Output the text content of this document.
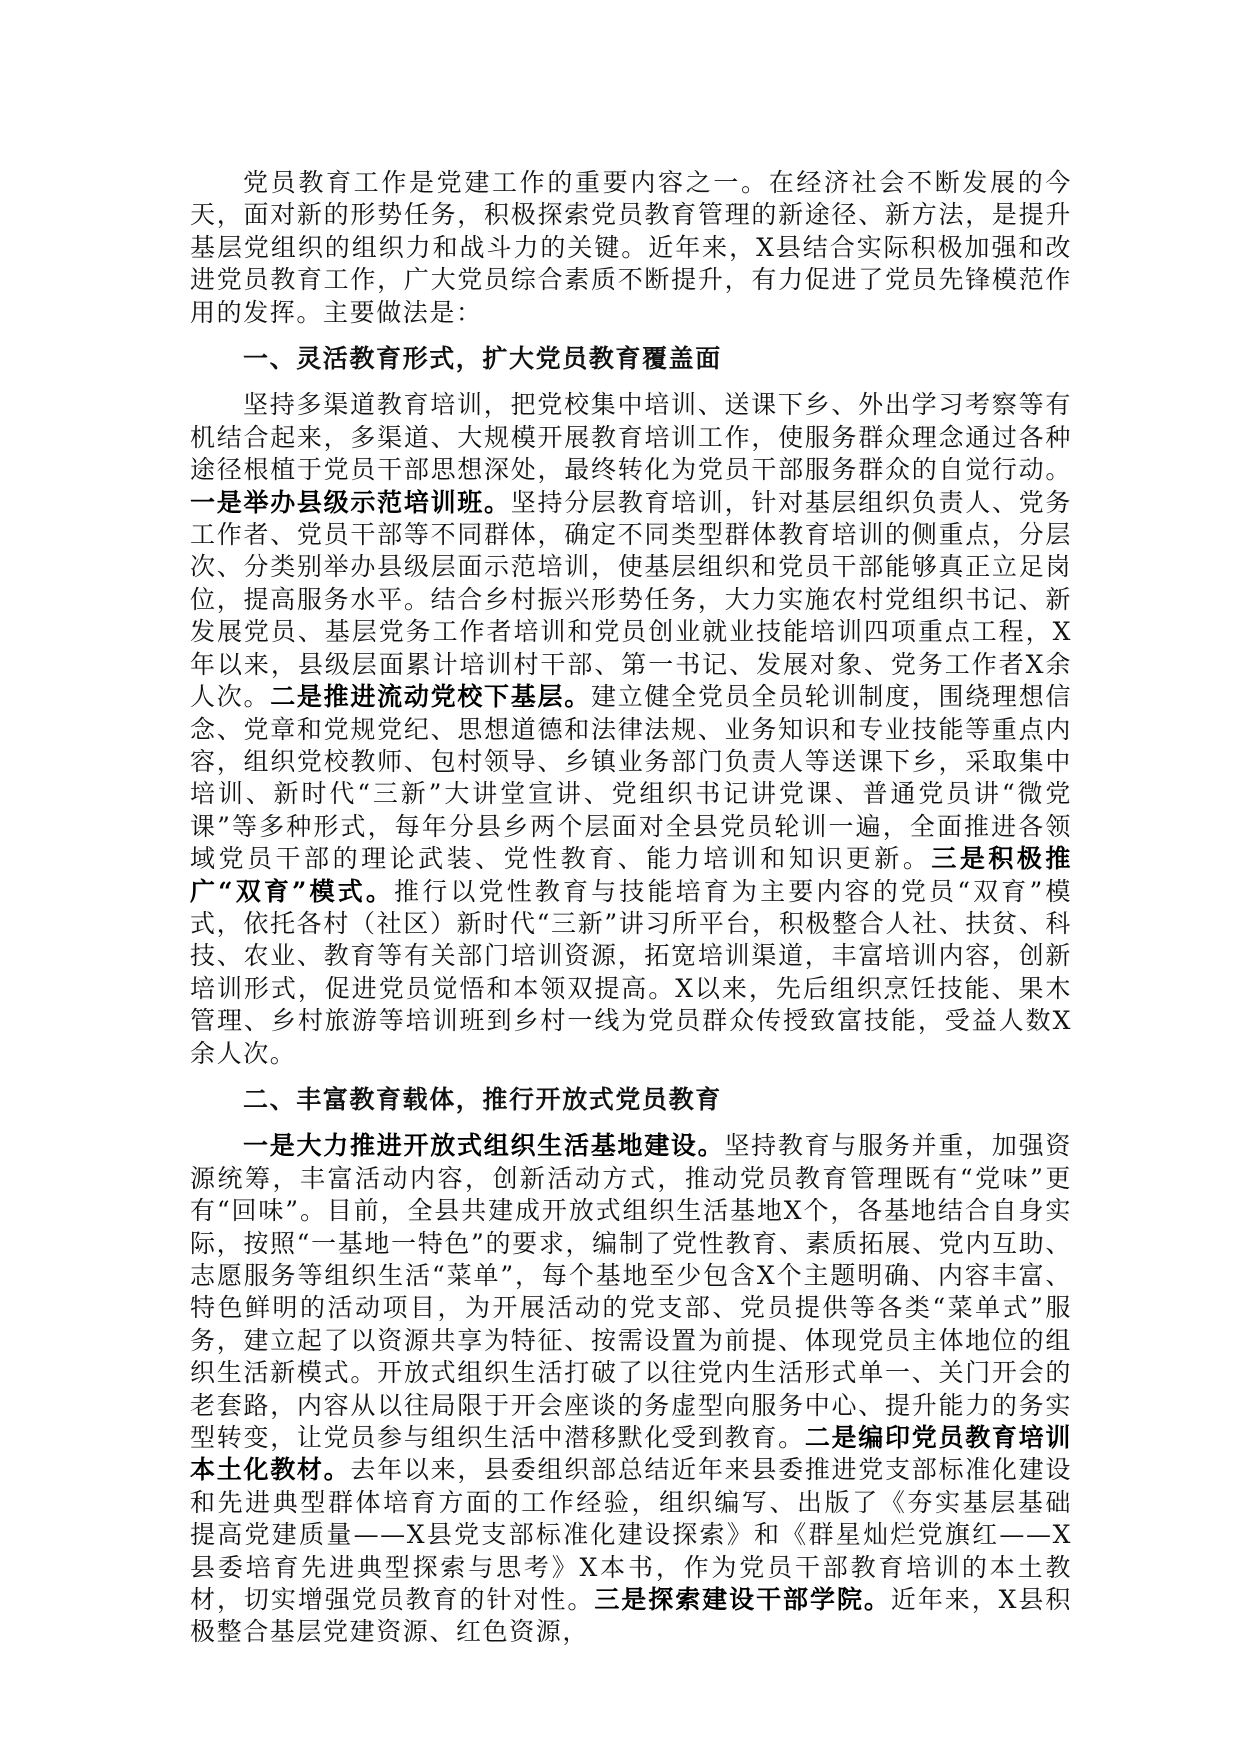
党员教育工作是党建工作的重要内容之一。在经济社会不断发展的今天，面对新的形势任务，积极探索党员教育管理的新途径、新方法，是提升基层党组织的组织力和战斗力的关键。近年来，X县结合实际积极加强和改进党员教育工作，广大党员综合素质不断提升，有力促进了党员先锋模范作用的发挥。主要做法是：

一、灵活教育形式，扩大党员教育覆盖面

坚持多渠道教育培训，把党校集中培训、送课下乡、外出学习考察等有机结合起来，多渠道、大规模开展教育培训工作，使服务群众理念通过各种途径根植于党员干部思想深处，最终转化为党员干部服务群众的自觉行动。一是举办县级示范培训班。坚持分层教育培训，针对基层组织负责人、党务工作者、党员干部等不同群体，确定不同类型群体教育培训的侧重点，分层次、分类别举办县级层面示范培训，使基层组织和党员干部能够真正立足岗位，提高服务水平。结合乡村振兴形势任务，大力实施农村党组织书记、新发展党员、基层党务工作者培训和党员创业就业技能培训四项重点工程，X年以来，县级层面累计培训村干部、第一书记、发展对象、党务工作者X余人次。二是推进流动党校下基层。建立健全党员全员轮训制度，围绕理想信念、党章和党规党纪、思想道德和法律法规、业务知识和专业技能等重点内容，组织党校教师、包村领导、乡镇业务部门负责人等送课下乡，采取集中培训、新时代“三新”大讲堂宣讲、党组织书记讲党课、普通党员讲“微党课”等多种形式，每年分县乡两个层面对全县党员轮训一遍，全面推进各领域党员干部的理论武装、党性教育、能力培训和知识更新。三是积极推广“双育”模式。推行以党性教育与技能培育为主要内容的党员“双育”模式，依托各村（社区）新时代“三新”讲习所平台，积极整合人社、扶贫、科技、农业、教育等有关部门培训资源，拓宽培训渠道，丰富培训内容，创新培训形式，促进党员觉悟和本领双提高。X以来，先后组织烹饪技能、果木管理、乡村旅游等培训班到乡村一线为党员群众传授致富技能，受益人数X余人次。

二、丰富教育载体，推行开放式党员教育

一是大力推进开放式组织生活基地建设。坚持教育与服务并重，加强资源统筹，丰富活动内容，创新活动方式，推动党员教育管理既有“党味”更有“回味”。目前，全县共建成开放式组织生活基地X个，各基地结合自身实际，按照“一基地一特色”的要求，编制了党性教育、素质拓展、党内互助、志愿服务等组织生活“菜单”，每个基地至少包含X个主题明确、内容丰富、特色鲜明的活动项目，为开展活动的党支部、党员提供等各类“菜单式”服务，建立起了以资源共享为特征、按需设置为前提、体现党员主体地位的组织生活新模式。开放式组织生活打破了以往党内生活形式单一、关门开会的老套路，内容从以往局限于开会座谈的务虚型向服务中心、提升能力的务实型转变，让党员参与组织生活中潜移默化受到教育。二是编印党员教育培训本土化教材。去年以来，县委组织部总结近年来县委推进党支部标准化建设和先进典型群体培育方面的工作经验，组织编写、出版了《夯实基层基础 提高党建质量——X县党支部标准化建设探索》和《群星灿烂党旗红——X县委培育先进典型探索与思考》X本书，作为党员干部教育培训的本土教材，切实增强党员教育的针对性。三是探索建设干部学院。近年来，X县积极整合基层党建资源、红色资源，
